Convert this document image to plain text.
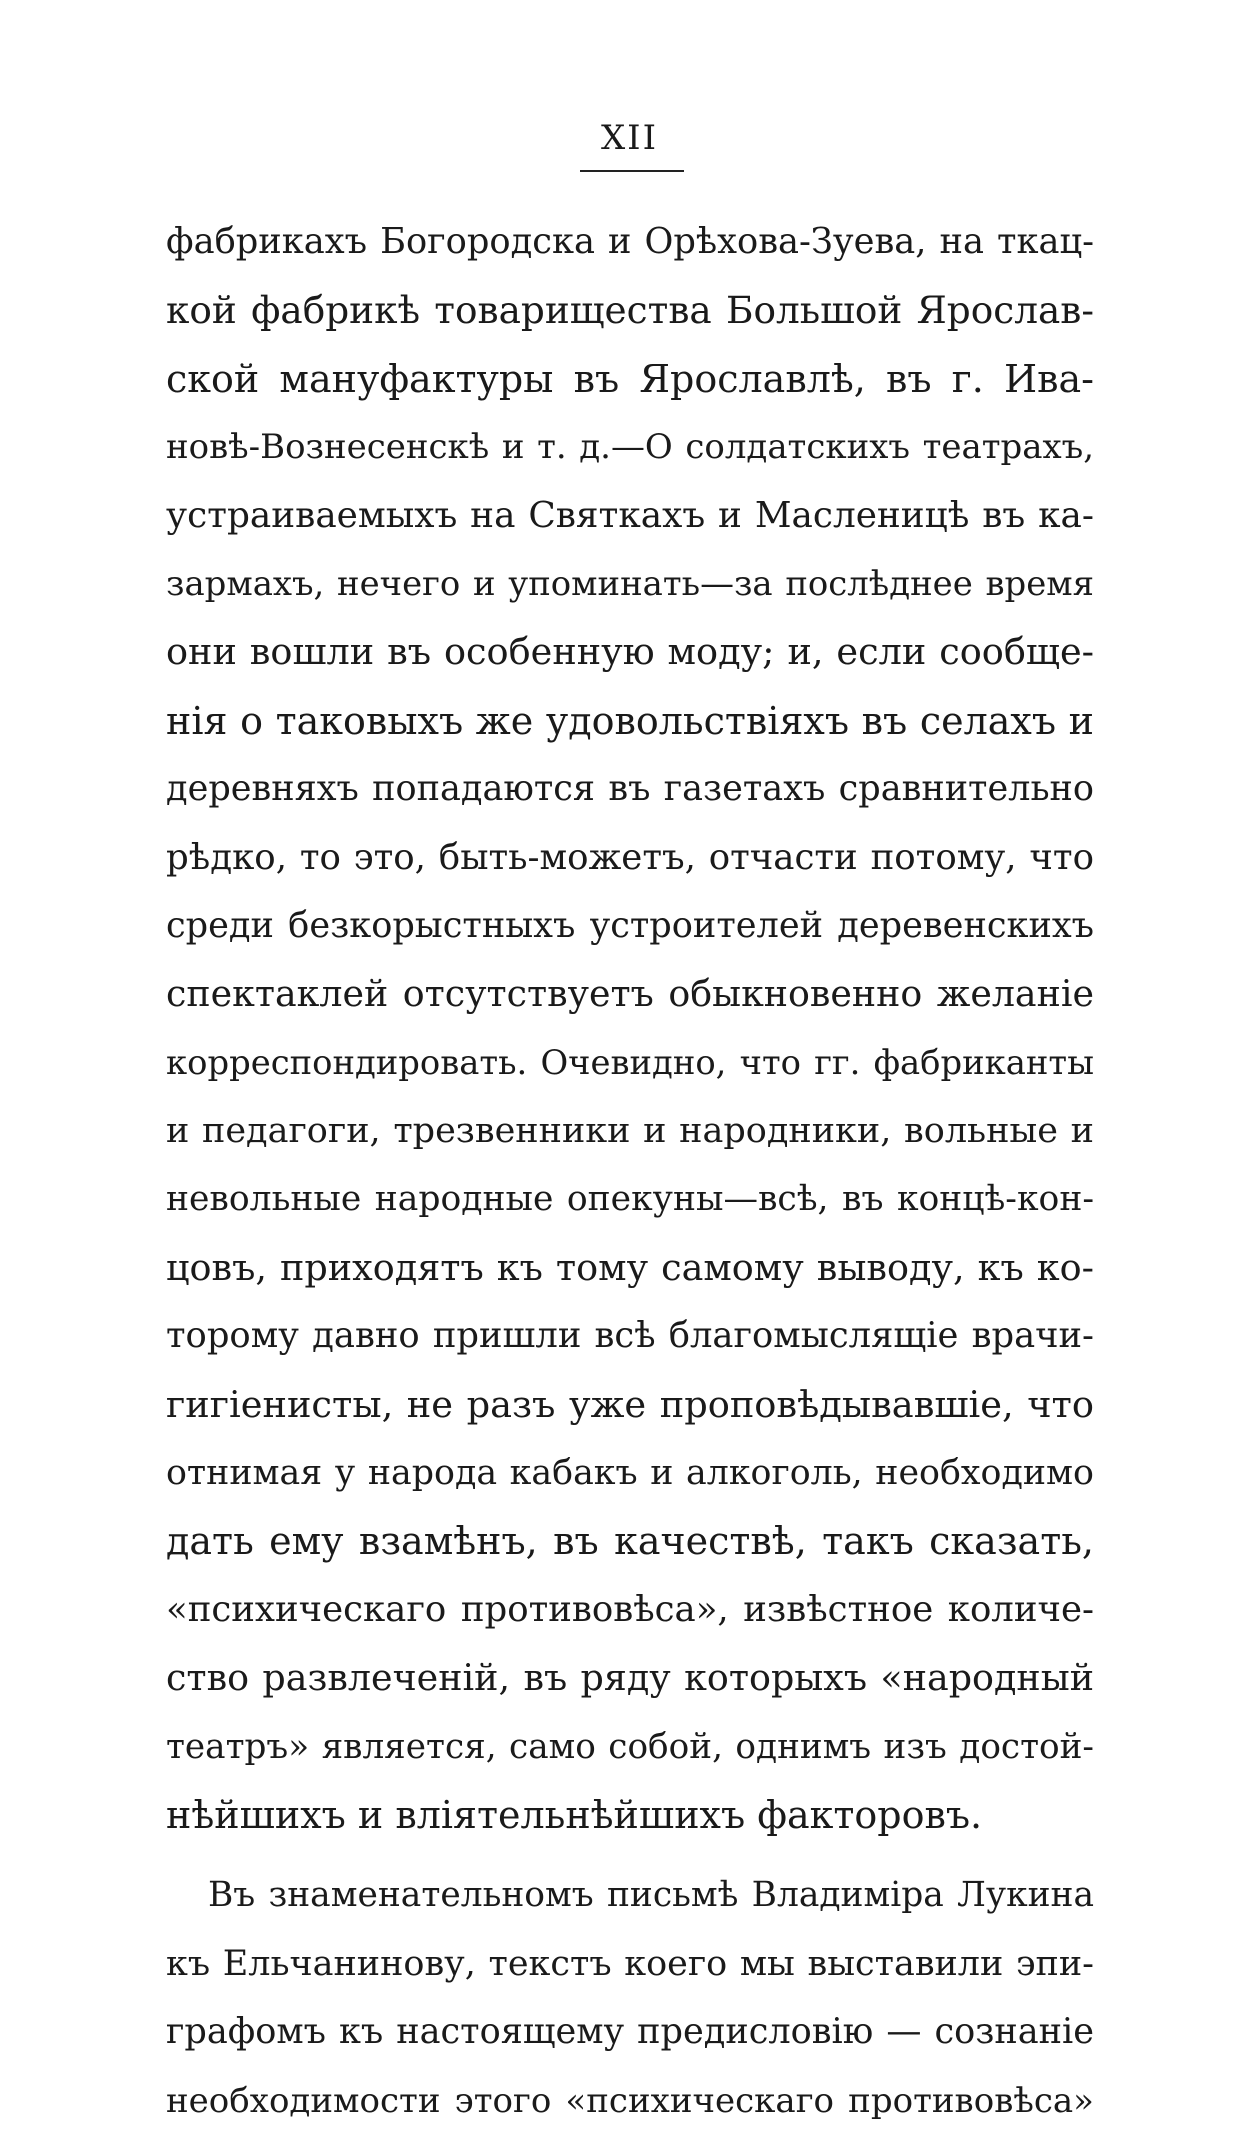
XII
фабрикахъ Богородска и Орѣхова-Зуева, на ткац-
кой фабрикѣ товарищества Большой Ярослав-
ской мануфактуры въ Ярославлѣ, въ г. Ива-
новѣ-Вознесенскѣ и т. д.—О солдатскихъ театрахъ,
устраиваемыхъ на Святкахъ и Масленицѣ въ ка-
зармахъ, нечего и упоминать—за послѣднее время
они вошли въ особенную моду; и, если сообще-
нія о таковыхъ же удовольствіяхъ въ селахъ и
деревняхъ попадаются въ газетахъ сравнительно
рѣдко, то это, быть-можетъ, отчасти потому, что
среди безкорыстныхъ устроителей деревенскихъ
спектаклей отсутствуетъ обыкновенно желаніе
корреспондировать. Очевидно, что гг. фабриканты
и педагоги, трезвенники и народники, вольные и
невольные народные опекуны—всѣ, въ концѣ-кон-
цовъ, приходятъ къ тому самому выводу, къ ко-
торому давно пришли всѣ благомыслящіе врачи-
гигіенисты, не разъ уже проповѣдывавшіе, что
отнимая у народа кабакъ и алкоголь, необходимо
дать ему взамѣнъ, въ качествѣ, такъ сказать,
«психическаго противовѣса», извѣстное количе-
ство развлеченій, въ ряду которыхъ «народный
театръ» является, само собой, однимъ изъ достой-
нѣйшихъ и вліятельнѣйшихъ факторовъ.
Въ знаменательномъ письмѣ Владиміра Лукина
къ Ельчанинову, текстъ коего мы выставили эпи-
графомъ къ настоящему предисловію — сознаніе
необходимости этого «психическаго противовѣса»
